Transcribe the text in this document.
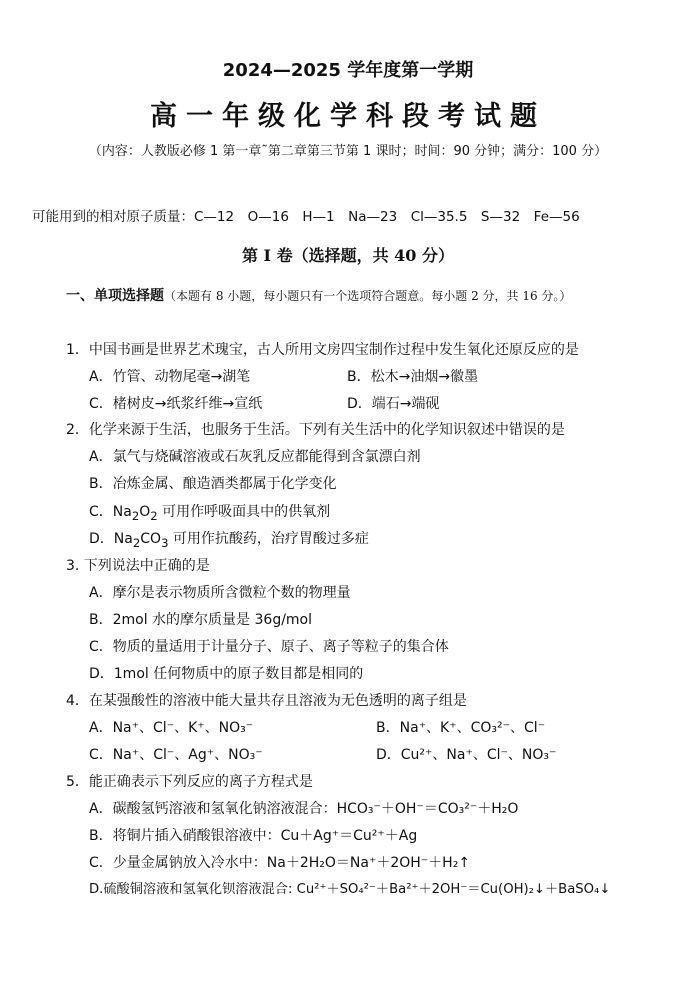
2024—2025 学年度第一学期
高一年级化学科段考试题
（内容：人教版必修 1 第一章˜第二章第三节第 1 课时；时间：90 分钟；满分：100 分）
可能用到的相对原子质量：C—12　O—16　H—1　Na—23　Cl—35.5　S—32　Fe—56
第 I 卷（选择题，共 40 分）
一、单项选择题（本题有 8 小题，每小题只有一个选项符合题意。每小题 2 分，共 16 分。）
1．中国书画是世界艺术瑰宝，古人所用文房四宝制作过程中发生氧化还原反应的是
A．竹管、动物尾毫→湖笔	B．松木→油烟→徽墨
C．楮树皮→纸浆纤维→宣纸	D．端石→端砚
2．化学来源于生活，也服务于生活。下列有关生活中的化学知识叙述中错误的是
A．氯气与烧碱溶液或石灰乳反应都能得到含氯漂白剂
B．冶炼金属、酿造酒类都属于化学变化
C．$Na_2O_2$ 可用作呼吸面具中的供氧剂
D．$Na_2CO_3$ 可用作抗酸药，治疗胃酸过多症
3. 下列说法中正确的是
A．摩尔是表示物质所含微粒个数的物理量
B．2mol 水的摩尔质量是 36g/mol
C．物质的量适用于计量分子、原子、离子等粒子的集合体
D．1mol 任何物质中的原子数目都是相同的
4．在某强酸性的溶液中能大量共存且溶液为无色透明的离子组是
A．Na⁺、Cl⁻、K⁺、NO₃⁻	B．Na⁺、K⁺、CO₃²⁻、Cl⁻
C．Na⁺、Cl⁻、Ag⁺、NO₃⁻	D．Cu²⁺、Na⁺、Cl⁻、NO₃⁻
5．能正确表示下列反应的离子方程式是
A．碳酸氢钙溶液和氢氧化钠溶液混合：HCO₃⁻＋OH⁻＝CO₃²⁻＋H₂O
B．将铜片插入硝酸银溶液中：Cu＋Ag⁺＝Cu²⁺＋Ag
C．少量金属钠放入冷水中：Na＋2H₂O＝Na⁺＋2OH⁻＋H₂↑
D.硫酸铜溶液和氢氧化钡溶液混合: Cu²⁺＋SO₄²⁻＋Ba²⁺＋2OH⁻＝Cu(OH)₂↓＋BaSO₄↓
